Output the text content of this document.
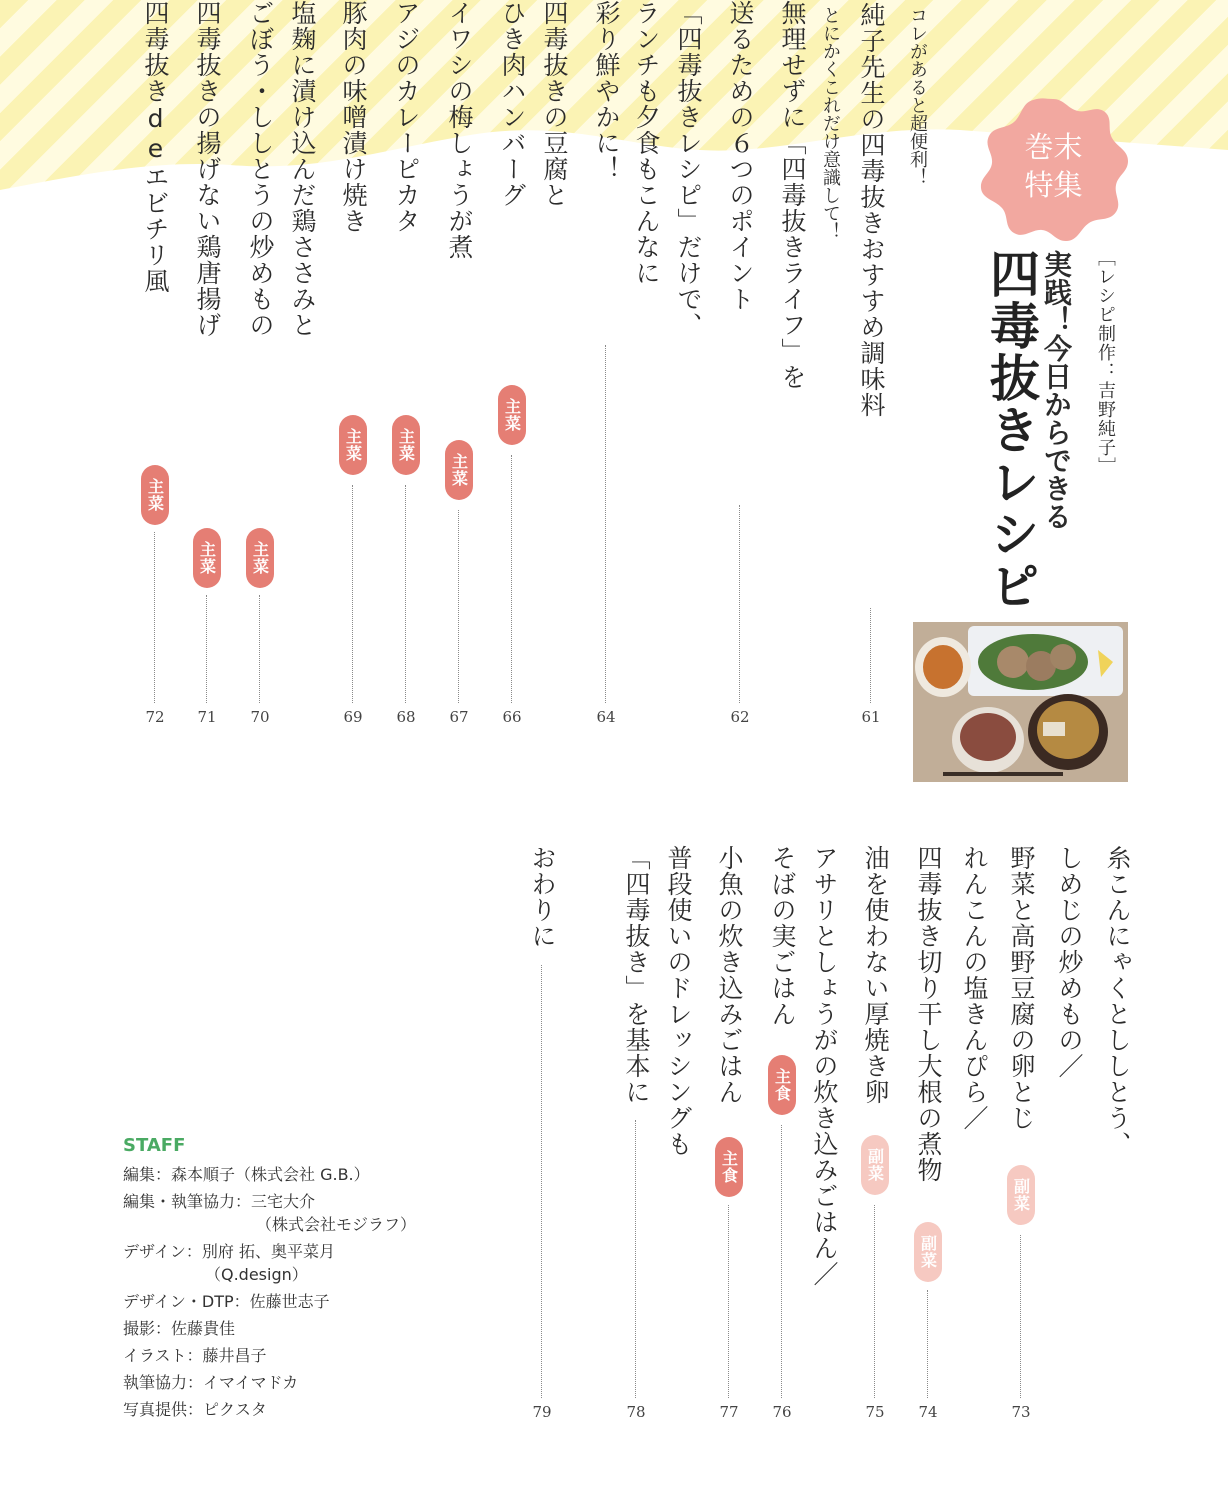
巻末
特集
［レシピ制作：吉野純子］
実践！今日からできる
四毒抜きレシピ
コレがあると超便利！
純子先生の四毒抜きおすすめ調味料
61
送るための６つのポイント 無理せずに「四毒抜きライフ」を とにかくこれだけ意識して！
62
彩り鮮やかに！ ランチも夕食もこんなに 「四毒抜きレシピ」だけで、
64
ひき肉ハンバーグ 四毒抜きの豆腐と
主菜
66
イワシの梅しょうが煮
主菜
67
アジのカレーピカタ
主菜
68
豚肉の味噌漬け焼き
主菜
69
ごぼう・ししとうの炒めもの 塩麹に漬け込んだ鶏ささみと
主菜
70
四毒抜きの揚げない鶏唐揚げ
主菜
71
四毒抜きdeエビチリ風
主菜
72
野菜と高野豆腐の卵とじ しめじの炒めもの／ 糸こんにゃくとししとう、
副菜
73
四毒抜き切り干し大根の煮物 れんこんの塩きんぴら／
副菜
74
油を使わない厚焼き卵
副菜
75
そばの実ごはん アサリとしょうがの炊き込みごはん／
主食
76
小魚の炊き込みごはん
主食
77
「四毒抜き」を基本に 普段使いのドレッシングも
78
おわりに
79
STAFF
編集：森本順子（株式会社 G.B.）
編集・執筆協力：三宅大介
（株式会社モジラフ）
デザイン：別府 拓、奥平菜月
（Q.design）
デザイン・DTP：佐藤世志子
撮影：佐藤貴佳
イラスト：藤井昌子
執筆協力：イマイマドカ
写真提供：ピクスタ
